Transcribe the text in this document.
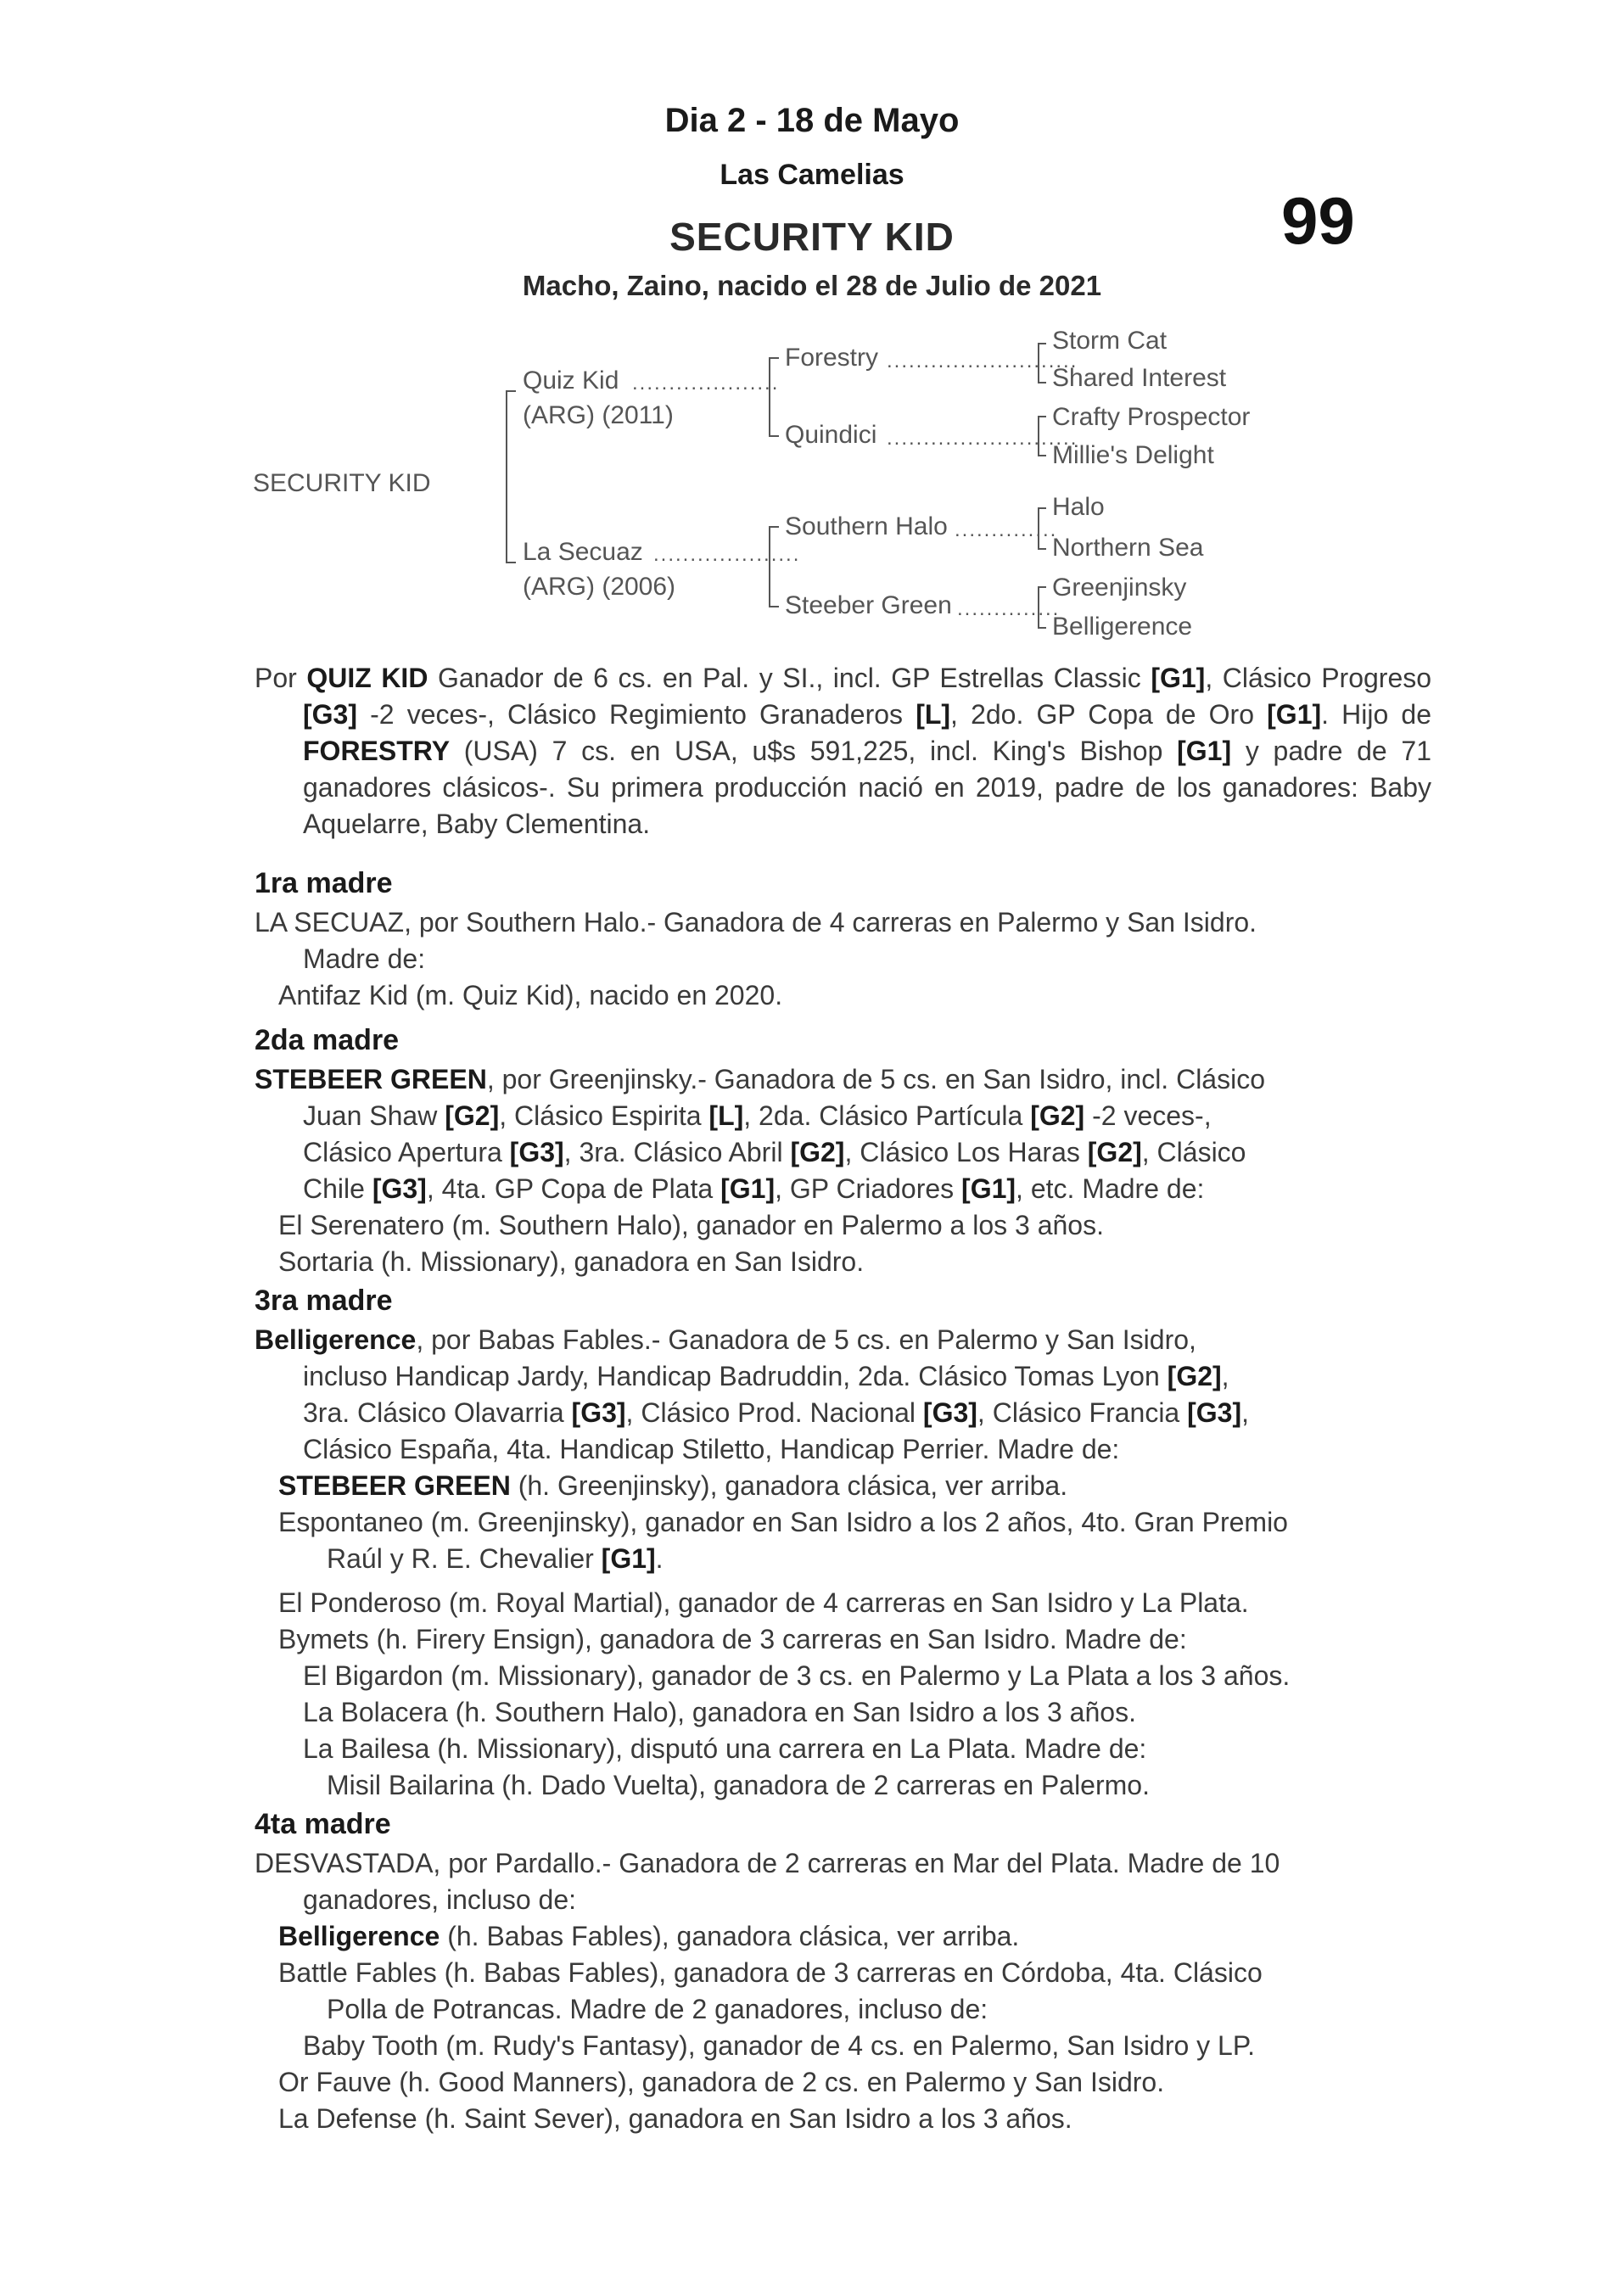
Dia 2 - 18 de Mayo
Las Camelias
SECURITY KID
Macho, Zaino, nacido el 28 de Julio de 2021
99
SECURITY KID
Quiz Kid ....................
(ARG) (2011)
La Secuaz ....................
(ARG) (2006)
Forestry ..........................
Quindici ..........................
Southern Halo ..............
Steeber Green ..............
Storm Cat
Shared Interest
Crafty Prospector
Millie's Delight
Halo
Northern Sea
Greenjinsky
Belligerence
Por QUIZ KID Ganador de 6 cs. en Pal. y SI., incl. GP Estrellas Classic [G1], Clásico Progreso [G3] -2 veces-, Clásico Regimiento Granaderos [L], 2do. GP Copa de Oro [G1]. Hijo de FORESTRY (USA) 7 cs. en USA, u$s 591,225, incl. King's Bishop [G1] y padre de 71 ganadores clásicos-. Su primera producción nació en 2019, padre de los ganadores: Baby Aquelarre, Baby Clementina.
1ra madre
LA SECUAZ, por Southern Halo.- Ganadora de 4 carreras en Palermo y San Isidro.
Madre de:
Antifaz Kid (m. Quiz Kid), nacido en 2020.
2da madre
STEBEER GREEN, por Greenjinsky.- Ganadora de 5 cs. en San Isidro, incl. Clásico
Juan Shaw [G2], Clásico Espirita [L], 2da. Clásico Partícula [G2] -2 veces-,
Clásico Apertura [G3], 3ra. Clásico Abril [G2], Clásico Los Haras [G2], Clásico
Chile [G3], 4ta. GP Copa de Plata [G1], GP Criadores [G1], etc. Madre de:
El Serenatero (m. Southern Halo), ganador en Palermo a los 3 años.
Sortaria (h. Missionary), ganadora en San Isidro.
3ra madre
Belligerence, por Babas Fables.- Ganadora de 5 cs. en Palermo y San Isidro,
incluso Handicap Jardy, Handicap Badruddin, 2da. Clásico Tomas Lyon [G2],
3ra. Clásico Olavarria [G3], Clásico Prod. Nacional [G3], Clásico Francia [G3],
Clásico España, 4ta. Handicap Stiletto, Handicap Perrier. Madre de:
STEBEER GREEN (h. Greenjinsky), ganadora clásica, ver arriba.
Espontaneo (m. Greenjinsky), ganador en San Isidro a los 2 años, 4to. Gran Premio
Raúl y R. E. Chevalier [G1].
El Ponderoso (m. Royal Martial), ganador de 4 carreras en San Isidro y La Plata.
Bymets (h. Firery Ensign), ganadora de 3 carreras en San Isidro. Madre de:
El Bigardon (m. Missionary), ganador de 3 cs. en Palermo y La Plata a los 3 años.
La Bolacera (h. Southern Halo), ganadora en San Isidro a los 3 años.
La Bailesa (h. Missionary), disputó una carrera en La Plata. Madre de:
Misil Bailarina (h. Dado Vuelta), ganadora de 2 carreras en Palermo.
4ta madre
DESVASTADA, por Pardallo.- Ganadora de 2 carreras en Mar del Plata. Madre de 10
ganadores, incluso de:
Belligerence (h. Babas Fables), ganadora clásica, ver arriba.
Battle Fables (h. Babas Fables), ganadora de 3 carreras en Córdoba, 4ta. Clásico
Polla de Potrancas. Madre de 2 ganadores, incluso de:
Baby Tooth (m. Rudy's Fantasy), ganador de 4 cs. en Palermo, San Isidro y LP.
Or Fauve (h. Good Manners), ganadora de 2 cs. en Palermo y San Isidro.
La Defense (h. Saint Sever), ganadora en San Isidro a los 3 años.
